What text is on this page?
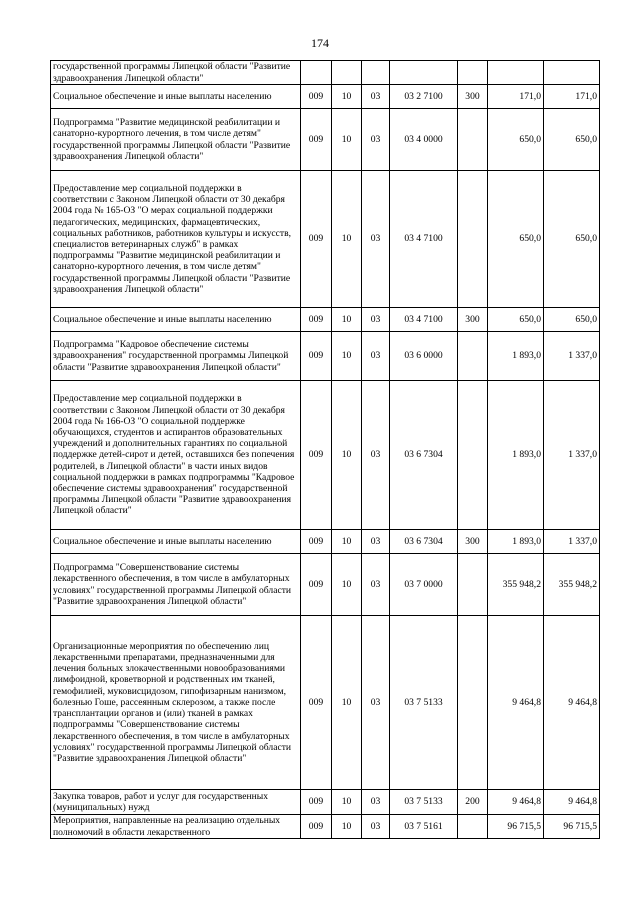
174
государственной программы Липецкой области "Развитие здравоохранения Липецкой области"							
Социальное обеспечение и иные выплаты населению	009	10	03	03 2 7100	300	171,0	171,0
Подпрограмма "Развитие медицинской реабилитации и санаторно-курортного лечения, в том числе детям" государственной программы Липецкой области "Развитие здравоохранения Липецкой области"	009	10	03	03 4 0000		650,0	650,0
Предоставление мер социальной поддержки в соответствии с Законом Липецкой области от 30 декабря 2004 года № 165-ОЗ "О мерах социальной поддержки педагогических, медицинских, фармацевтических, социальных работников, работников культуры и искусств, специалистов ветеринарных служб" в рамках подпрограммы "Развитие медицинской реабилитации и санаторно-курортного лечения, в том числе детям" государственной программы Липецкой области "Развитие здравоохранения Липецкой области"	009	10	03	03 4 7100		650,0	650,0
Социальное обеспечение и иные выплаты населению	009	10	03	03 4 7100	300	650,0	650,0
Подпрограмма "Кадровое обеспечение системы здравоохранения" государственной программы Липецкой области "Развитие здравоохранения Липецкой области"	009	10	03	03 6 0000		1 893,0	1 337,0
Предоставление мер социальной поддержки в соответствии с Законом Липецкой области от 30 декабря 2004 года № 166-ОЗ "О социальной поддержке обучающихся, студентов и аспирантов образовательных учреждений и дополнительных гарантиях по социальной поддержке детей-сирот и детей, оставшихся без попечения родителей, в Липецкой области" в части иных видов социальной поддержки в рамках подпрограммы "Кадровое обеспечение системы здравоохранения" государственной программы Липецкой области "Развитие здравоохранения Липецкой области"	009	10	03	03 6 7304		1 893,0	1 337,0
Социальное обеспечение и иные выплаты населению	009	10	03	03 6 7304	300	1 893,0	1 337,0
Подпрограмма "Совершенствование системы лекарственного обеспечения, в том числе в амбулаторных условиях" государственной программы Липецкой области "Развитие здравоохранения Липецкой области"	009	10	03	03 7 0000		355 948,2	355 948,2
Организационные мероприятия по обеспечению лиц лекарственными препаратами, предназначенными для лечения больных злокачественными новообразованиями лимфоидной, кроветворной и родственных им тканей, гемофилией, муковисцидозом, гипофизарным нанизмом, болезнью Гоше, рассеянным склерозом, а также после трансплантации органов и (или) тканей в рамках подпрограммы "Совершенствование системы лекарственного обеспечения, в том числе в амбулаторных условиях" государственной программы Липецкой области "Развитие здравоохранения Липецкой области"	009	10	03	03 7 5133		9 464,8	9 464,8
Закупка товаров, работ и услуг для государственных (муниципальных) нужд	009	10	03	03 7 5133	200	9 464,8	9 464,8
Мероприятия, направленные на реализацию отдельных полномочий в области лекарственного	009	10	03	03 7 5161		96 715,5	96 715,5
